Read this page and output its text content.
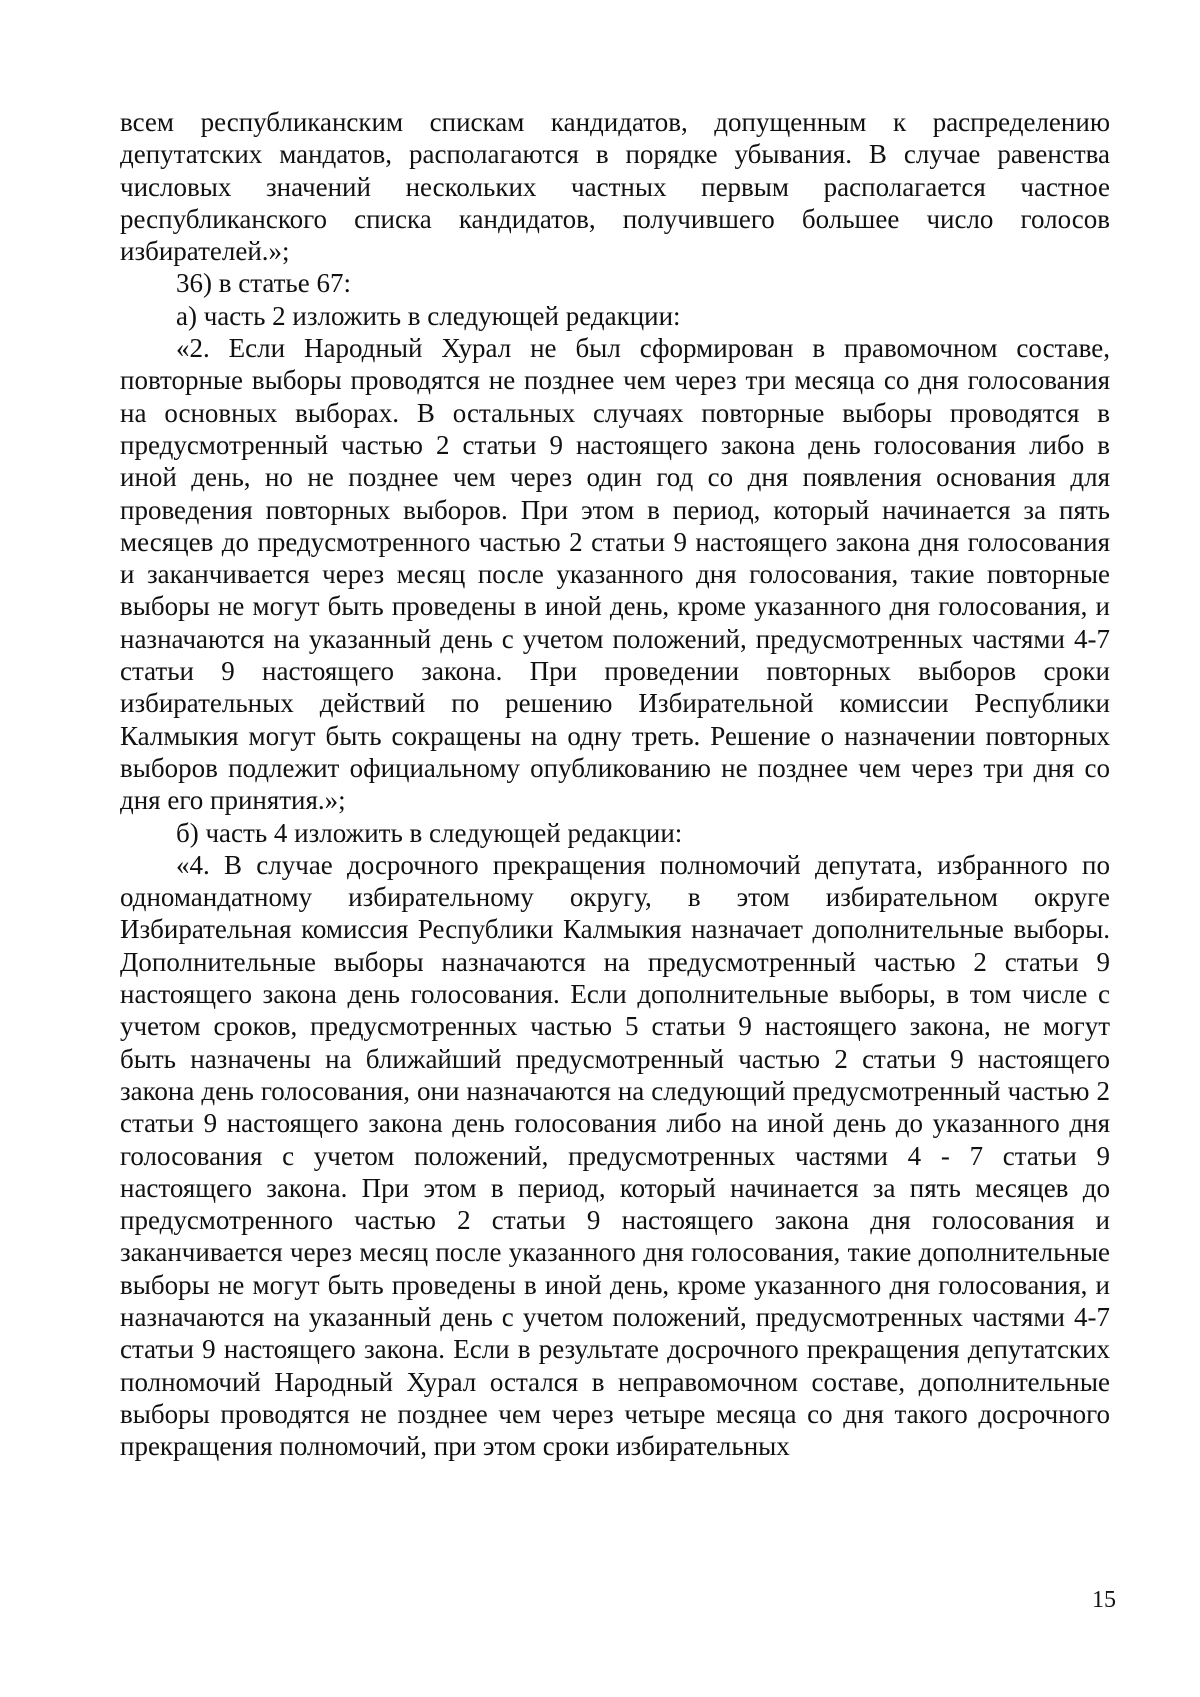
всем республиканским спискам кандидатов, допущенным к распределению депутатских мандатов, располагаются в порядке убывания. В случае равенства числовых значений нескольких частных первым располагается частное республиканского списка кандидатов, получившего большее число голосов избирателей.»;

36) в статье 67:

а) часть 2 изложить в следующей редакции:

«2. Если Народный Хурал не был сформирован в правомочном составе, повторные выборы проводятся не позднее чем через три месяца со дня голосования на основных выборах. В остальных случаях повторные выборы проводятся в предусмотренный частью 2 статьи 9 настоящего закона день голосования либо в иной день, но не позднее чем через один год со дня появления основания для проведения повторных выборов. При этом в период, который начинается за пять месяцев до предусмотренного частью 2 статьи 9 настоящего закона дня голосования и заканчивается через месяц после указанного дня голосования, такие повторные выборы не могут быть проведены в иной день, кроме указанного дня голосования, и назначаются на указанный день с учетом положений, предусмотренных частями 4-7 статьи 9 настоящего закона. При проведении повторных выборов сроки избирательных действий по решению Избирательной комиссии Республики Калмыкия могут быть сокращены на одну треть. Решение о назначении повторных выборов подлежит официальному опубликованию не позднее чем через три дня со дня его принятия.»;

б) часть 4 изложить в следующей редакции:

«4. В случае досрочного прекращения полномочий депутата, избранного по одномандатному избирательному округу, в этом избирательном округе Избирательная комиссия Республики Калмыкия назначает дополнительные выборы. Дополнительные выборы назначаются на предусмотренный частью 2 статьи 9 настоящего закона день голосования. Если дополнительные выборы, в том числе с учетом сроков, предусмотренных частью 5 статьи 9 настоящего закона, не могут быть назначены на ближайший предусмотренный частью 2 статьи 9 настоящего закона день голосования, они назначаются на следующий предусмотренный частью 2 статьи 9 настоящего закона день голосования либо на иной день до указанного дня голосования с учетом положений, предусмотренных частями 4 - 7 статьи 9 настоящего закона. При этом в период, который начинается за пять месяцев до предусмотренного частью 2 статьи 9 настоящего закона дня голосования и заканчивается через месяц после указанного дня голосования, такие дополнительные выборы не могут быть проведены в иной день, кроме указанного дня голосования, и назначаются на указанный день с учетом положений, предусмотренных частями 4-7 статьи 9 настоящего закона. Если в результате досрочного прекращения депутатских полномочий Народный Хурал остался в неправомочном составе, дополнительные выборы проводятся не позднее чем через четыре месяца со дня такого досрочного прекращения полномочий, при этом сроки избирательных

15
